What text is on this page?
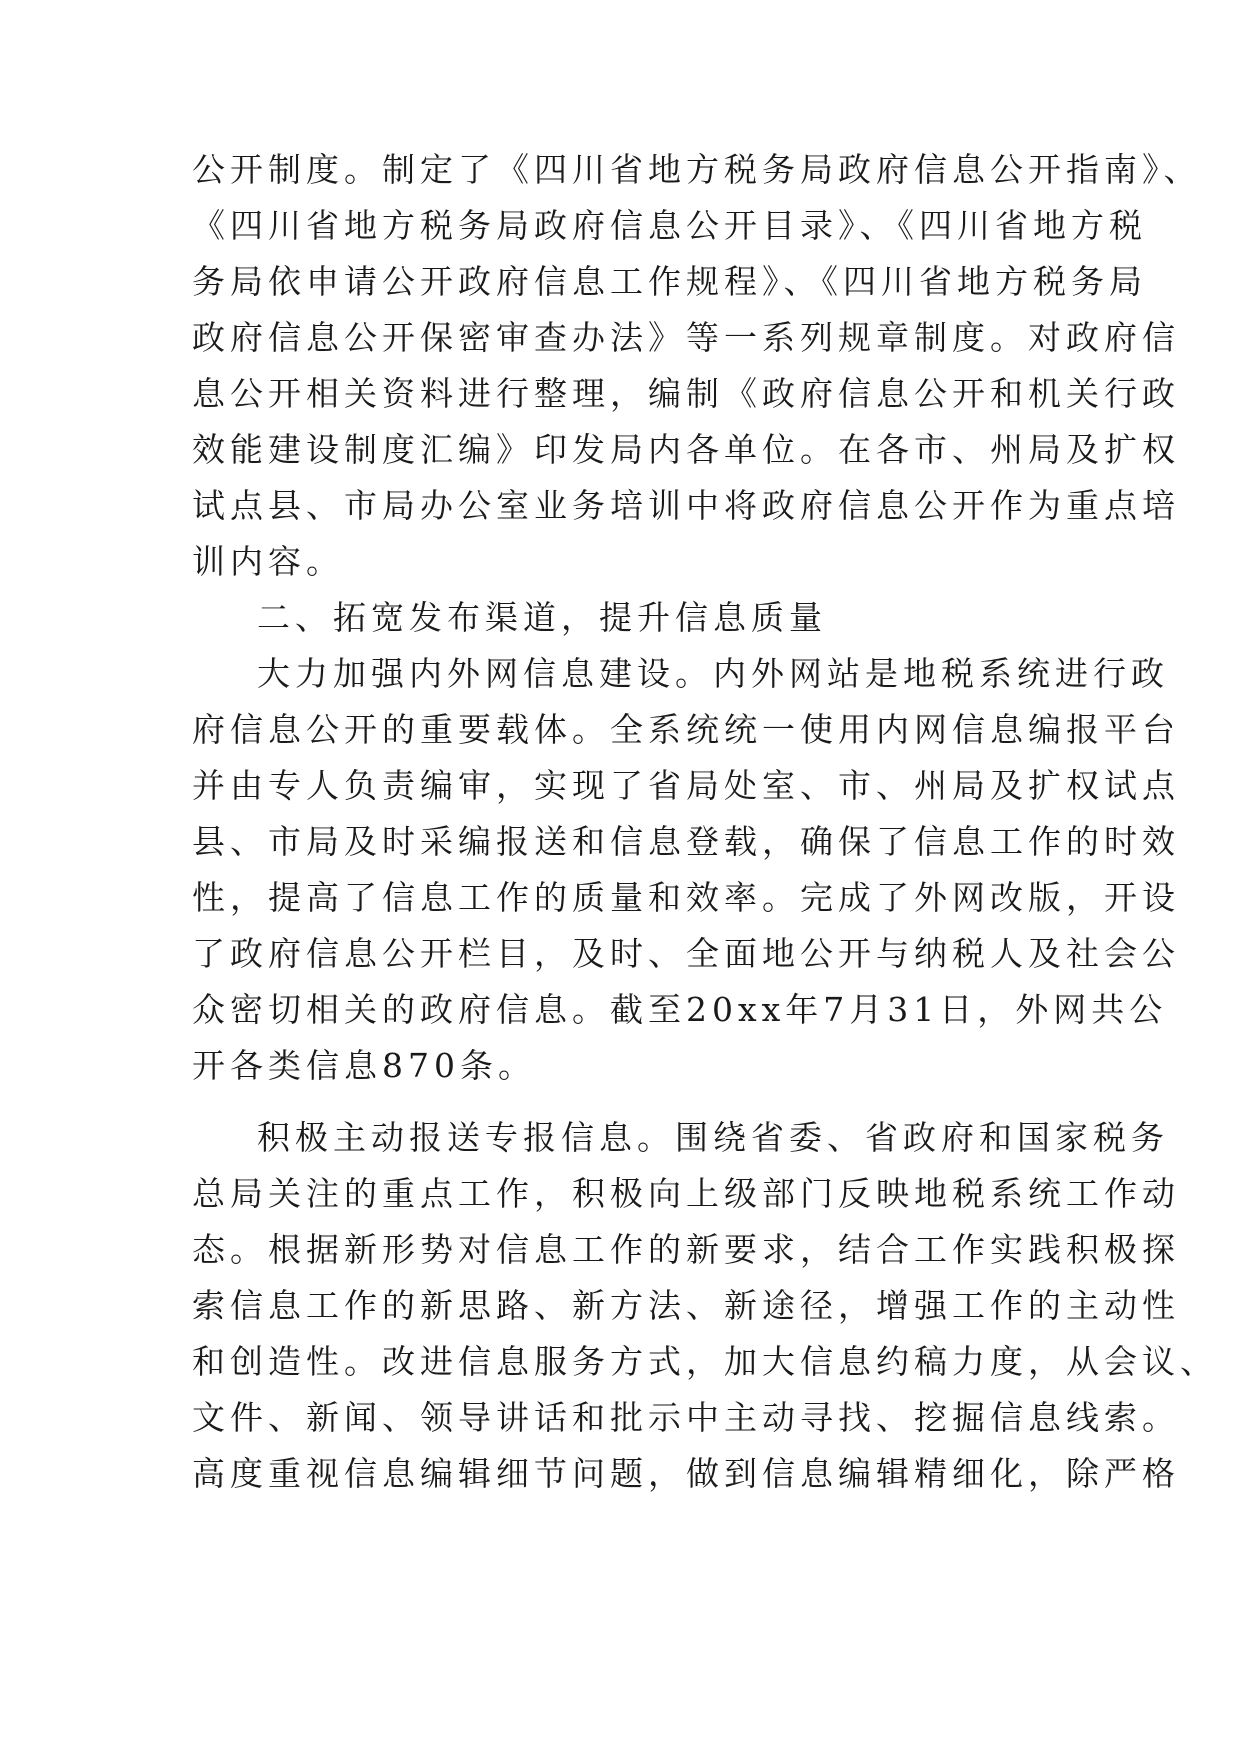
公开制度。制定了《四川省地方税务局政府信息公开指南》、
《四川省地方税务局政府信息公开目录》、《四川省地方税
务局依申请公开政府信息工作规程》、《四川省地方税务局
政府信息公开保密审查办法》等一系列规章制度。对政府信
息公开相关资料进行整理，编制《政府信息公开和机关行政
效能建设制度汇编》印发局内各单位。在各市、州局及扩权
试点县、市局办公室业务培训中将政府信息公开作为重点培
训内容。
二、拓宽发布渠道，提升信息质量
大力加强内外网信息建设。内外网站是地税系统进行政
府信息公开的重要载体。全系统统一使用内网信息编报平台
并由专人负责编审，实现了省局处室、市、州局及扩权试点
县、市局及时采编报送和信息登载，确保了信息工作的时效
性，提高了信息工作的质量和效率。完成了外网改版，开设
了政府信息公开栏目，及时、全面地公开与纳税人及社会公
众密切相关的政府信息。截至20xx年7月31日，外网共公
开各类信息870条。
积极主动报送专报信息。围绕省委、省政府和国家税务
总局关注的重点工作，积极向上级部门反映地税系统工作动
态。根据新形势对信息工作的新要求，结合工作实践积极探
索信息工作的新思路、新方法、新途径，增强工作的主动性
和创造性。改进信息服务方式，加大信息约稿力度，从会议、
文件、新闻、领导讲话和批示中主动寻找、挖掘信息线索。
高度重视信息编辑细节问题，做到信息编辑精细化，除严格
